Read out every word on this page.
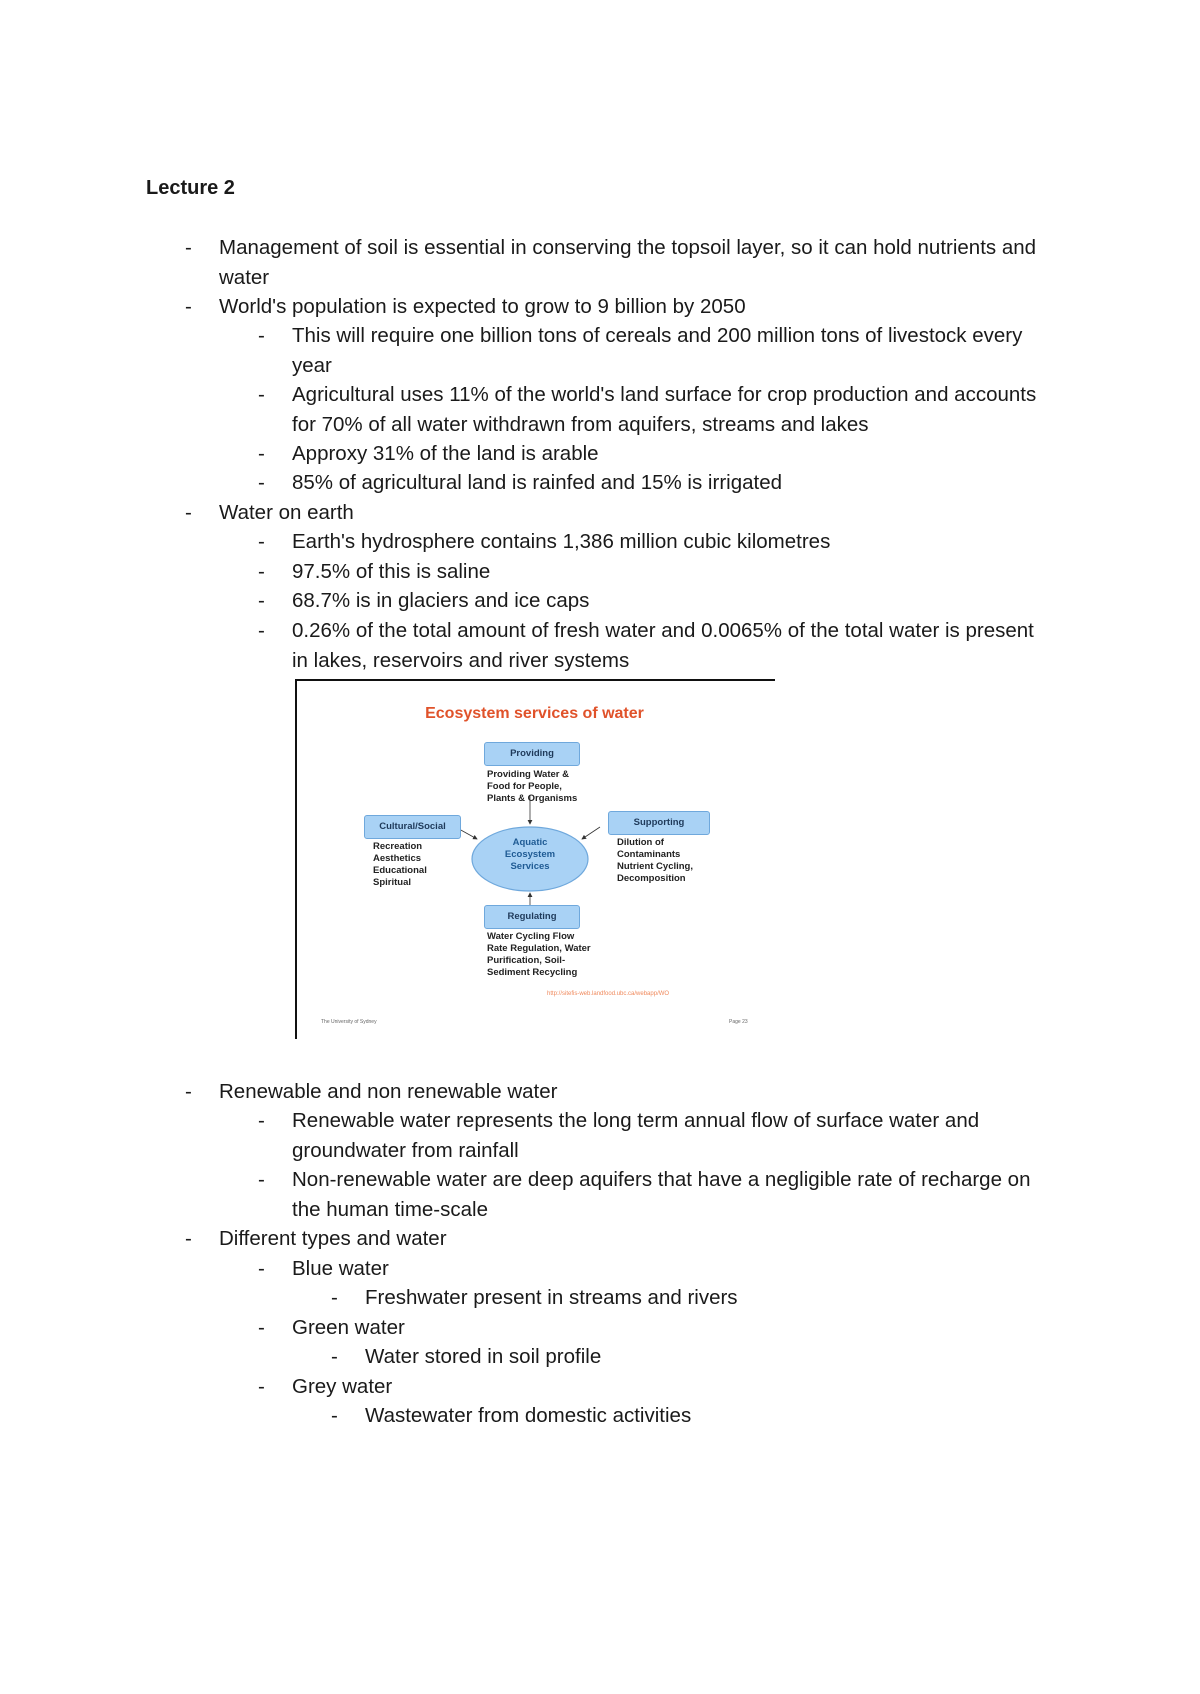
Lecture 2
- Management of soil is essential in conserving the topsoil layer, so it can hold nutrients and water
- World's population is expected to grow to 9 billion by 2050
- This will require one billion tons of cereals and 200 million tons of livestock every year
- Agricultural uses 11% of the world's land surface for crop production and accounts for 70% of all water withdrawn from aquifers, streams and lakes
- Approxy 31% of the land is arable
- 85% of agricultural land is rainfed and 15% is irrigated
- Water on earth
- Earth's hydrosphere contains 1,386 million cubic kilometres
- 97.5% of this is saline
- 68.7% is in glaciers and ice caps
- 0.26% of the total amount of fresh water and 0.0065% of the total water is present in lakes, reservoirs and river systems
- Renewable and non renewable water
- Renewable water represents the long term annual flow of surface water and groundwater from rainfall
- Non-renewable water are deep aquifers that have a negligible rate of recharge on the human time-scale
- Different types and water
- Blue water
- Freshwater present in streams and rivers
- Green water
- Water stored in soil profile
- Grey water
- Wastewater from domestic activities
Ecosystem services of water
Providing
Providing Water &
Food for People,
Plants & Organisms
Cultural/Social
Recreation
Aesthetics
Educational
Spiritual
Supporting
Dilution of
Contaminants
Nutrient Cycling,
Decomposition
Aquatic
Ecosystem
Services
Regulating
Water Cycling Flow
Rate Regulation, Water
Purification, Soil-
Sediment Recycling
http://sitefis-web.landfood.ubc.ca/webapp/WO
The University of Sydney	Page 23
